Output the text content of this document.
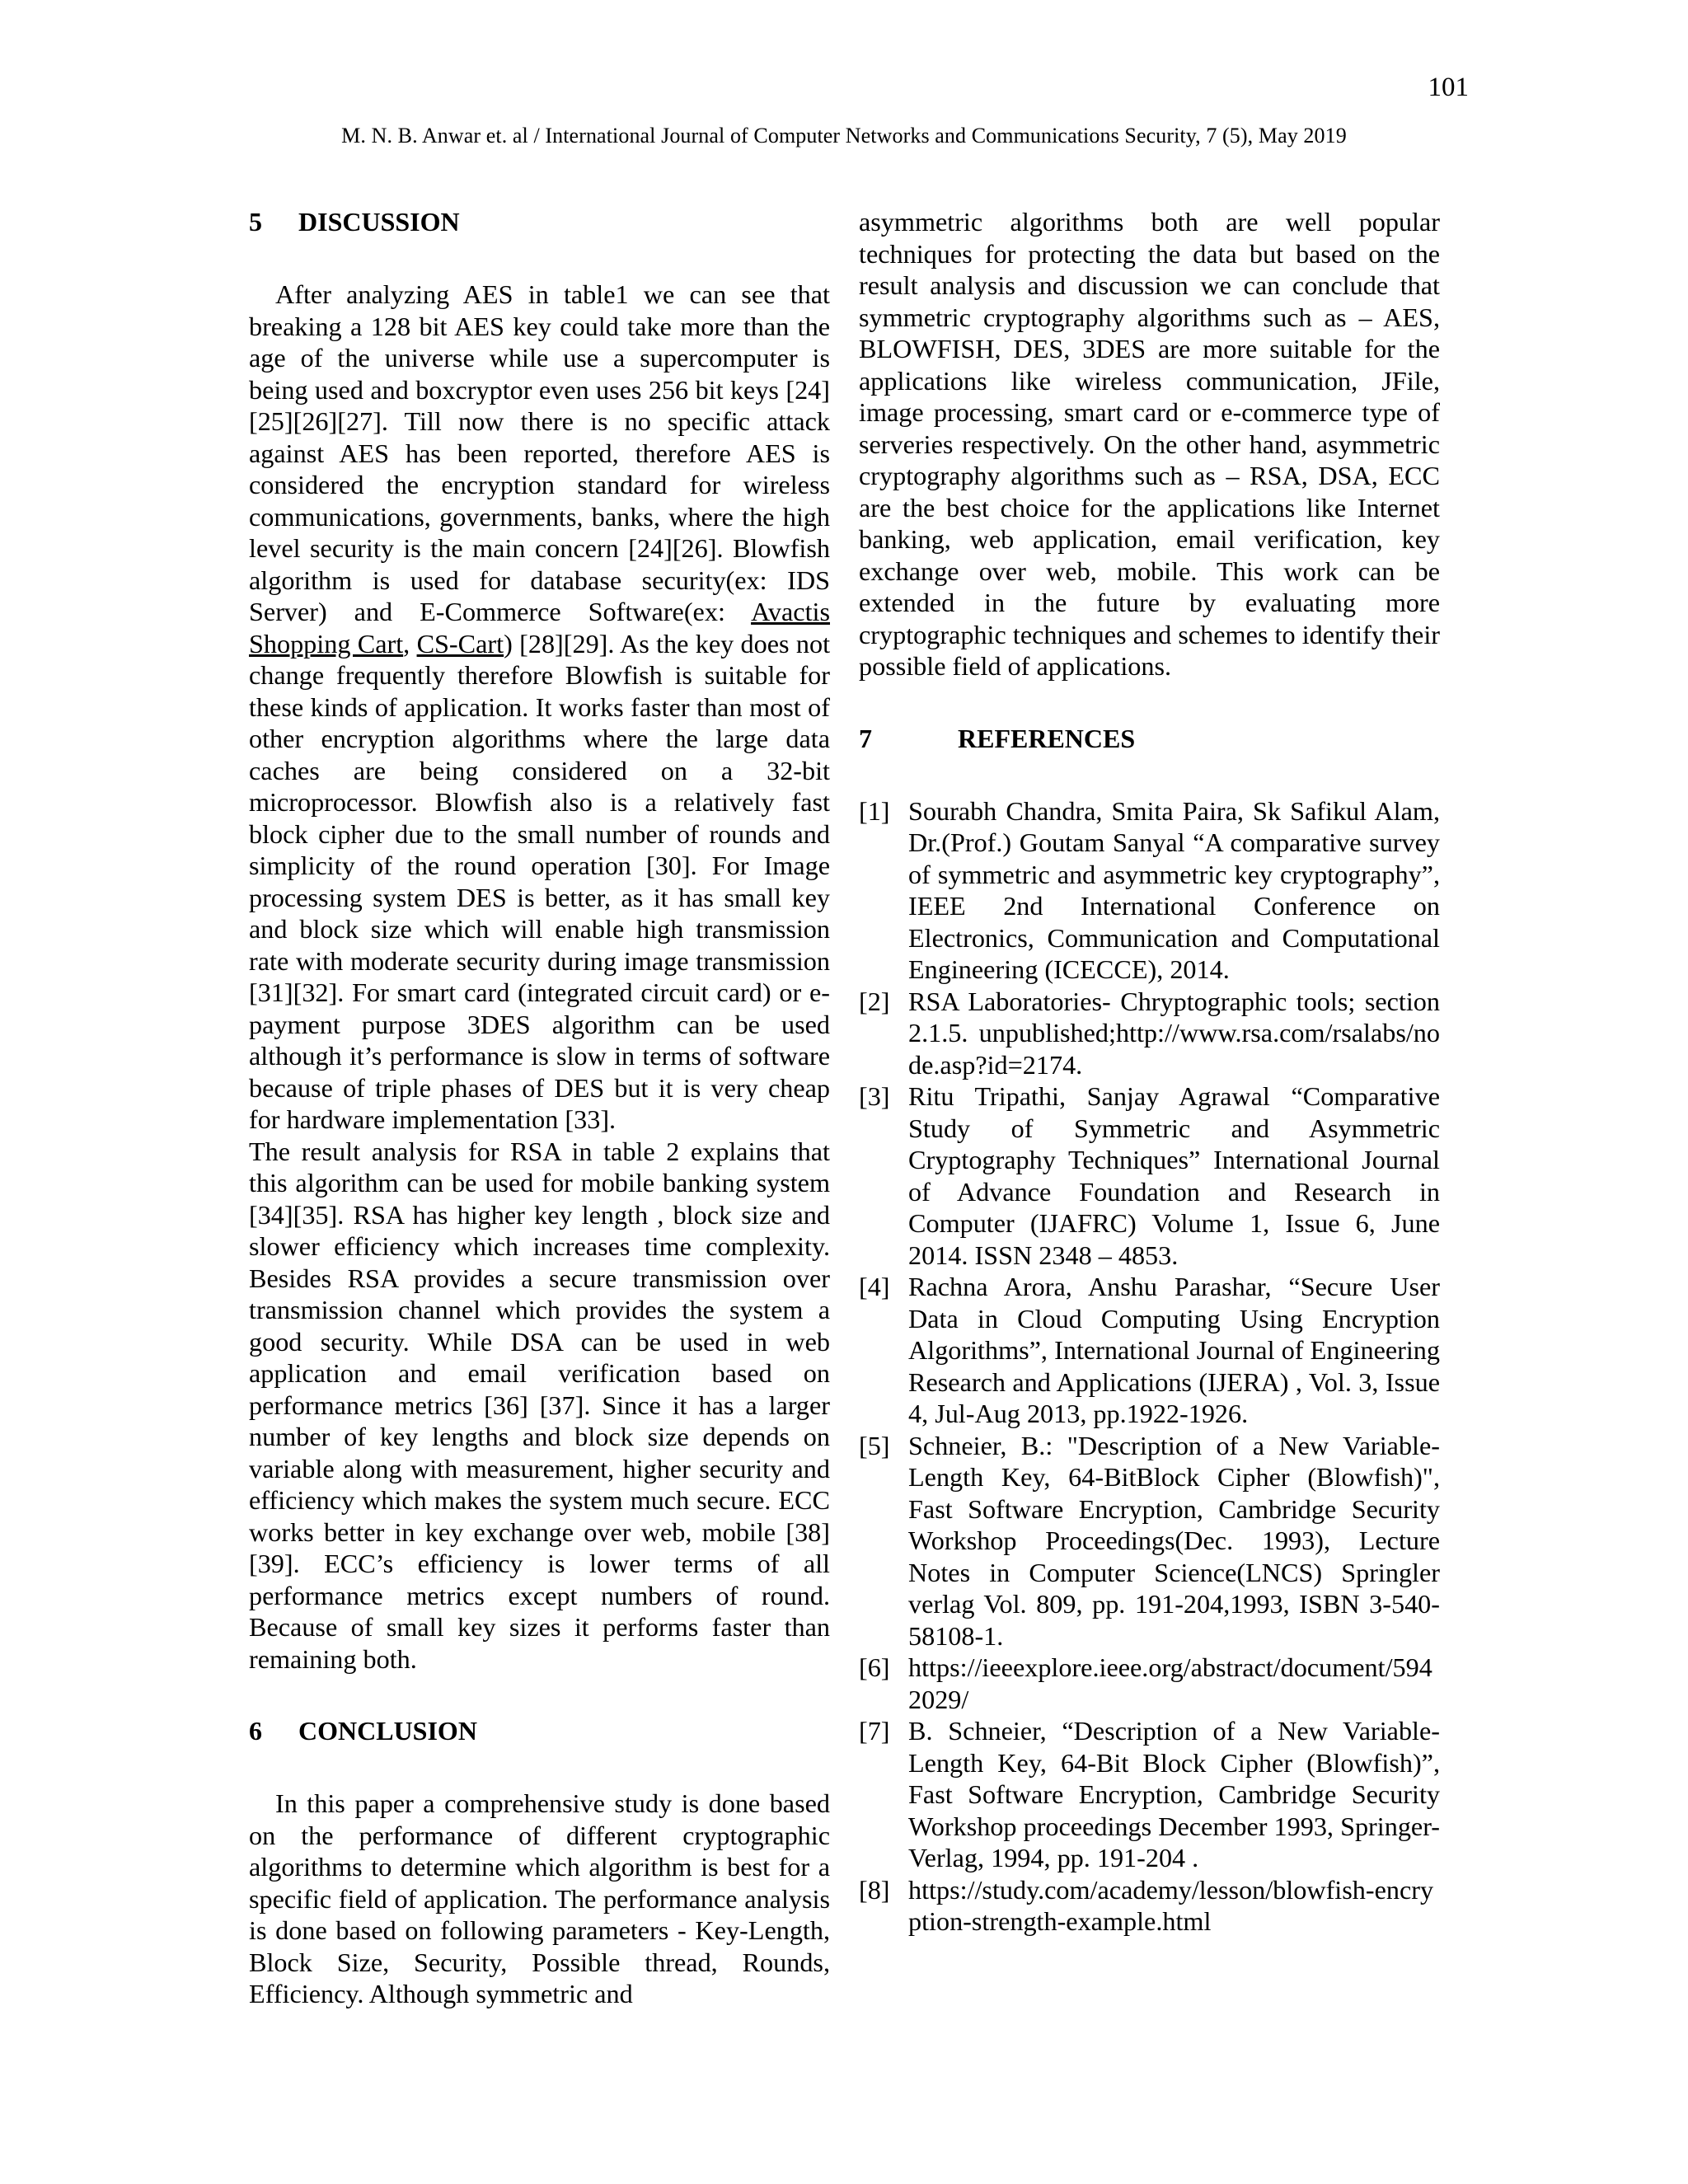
101
M. N. B. Anwar et. al / International Journal of Computer Networks and Communications Security, 7 (5), May 2019
5 DISCUSSION

After analyzing AES in table1 we can see that breaking a 128 bit AES key could take more than the age of the universe while use a supercomputer is being used and boxcryptor even uses 256 bit keys [24][25][26][27]. Till now there is no specific attack against AES has been reported, therefore AES is considered the encryption standard for wireless communications, governments, banks, where the high level security is the main concern [24][26]. Blowfish algorithm is used for database security(ex: IDS Server) and E-Commerce Software(ex: Avactis Shopping Cart, CS-Cart) [28][29]. As the key does not change frequently therefore Blowfish is suitable for these kinds of application. It works faster than most of other encryption algorithms where the large data caches are being considered on a 32-bit microprocessor. Blowfish also is a relatively fast block cipher due to the small number of rounds and simplicity of the round operation [30]. For Image processing system DES is better, as it has small key and block size which will enable high transmission rate with moderate security during image transmission [31][32]. For smart card (integrated circuit card) or e-payment purpose 3DES algorithm can be used although it’s performance is slow in terms of software because of triple phases of DES but it is very cheap for hardware implementation [33].

The result analysis for RSA in table 2 explains that this algorithm can be used for mobile banking system [34][35]. RSA has higher key length , block size and slower efficiency which increases time complexity. Besides RSA provides a secure transmission over transmission channel which provides the system a good security. While DSA can be used in web application and email verification based on performance metrics [36] [37]. Since it has a larger number of key lengths and block size depends on variable along with measurement, higher security and efficiency which makes the system much secure. ECC works better in key exchange over web, mobile [38][39]. ECC’s efficiency is lower terms of all performance metrics except numbers of round. Because of small key sizes it performs faster than remaining both.

6 CONCLUSION

In this paper a comprehensive study is done based on the performance of different cryptographic algorithms to determine which algorithm is best for a specific field of application. The performance analysis is done based on following parameters - Key-Length, Block Size, Security, Possible thread, Rounds, Efficiency. Although symmetric and

asymmetric algorithms both are well popular techniques for protecting the data but based on the result analysis and discussion we can conclude that symmetric cryptography algorithms such as – AES, BLOWFISH, DES, 3DES are more suitable for the applications like wireless communication, JFile, image processing, smart card or e-commerce type of serveries respectively. On the other hand, asymmetric cryptography algorithms such as – RSA, DSA, ECC are the best choice for the applications like Internet banking, web application, email verification, key exchange over web, mobile. This work can be extended in the future by evaluating more cryptographic techniques and schemes to identify their possible field of applications.

7	REFERENCES
[1] Sourabh Chandra, Smita Paira, Sk Safikul Alam, Dr.(Prof.) Goutam Sanyal “A comparative survey of symmetric and asymmetric key cryptography”, IEEE 2nd International Conference on Electronics, Communication and Computational Engineering (ICECCE), 2014.
[2] RSA Laboratories- Chryptographic tools; section 2.1.5. unpublished;http://www.rsa.com/rsalabs/node.asp?id=2174.
[3] Ritu Tripathi, Sanjay Agrawal “Comparative Study of Symmetric and Asymmetric Cryptography Techniques” International Journal of Advance Foundation and Research in Computer (IJAFRC) Volume 1, Issue 6, June 2014. ISSN 2348 – 4853.
[4] Rachna Arora, Anshu Parashar, “Secure User Data in Cloud Computing Using Encryption Algorithms”, International Journal of Engineering Research and Applications (IJERA) , Vol. 3, Issue 4, Jul-Aug 2013, pp.1922-1926.
[5] Schneier, B.: "Description of a New Variable-Length Key, 64-BitBlock Cipher (Blowfish)", Fast Software Encryption, Cambridge Security Workshop Proceedings(Dec. 1993), Lecture Notes in Computer Science(LNCS) Springler verlag Vol. 809, pp. 191-204,1993, ISBN 3-540-58108-1.
[6] https://ieeexplore.ieee.org/abstract/document/5942029/
[7] B. Schneier, “Description of a New Variable-Length Key, 64-Bit Block Cipher (Blowfish)”, Fast Software Encryption, Cambridge Security Workshop proceedings December 1993, Springer-Verlag, 1994, pp. 191-204 .
[8] https://study.com/academy/lesson/blowfish-encryption-strength-example.html
